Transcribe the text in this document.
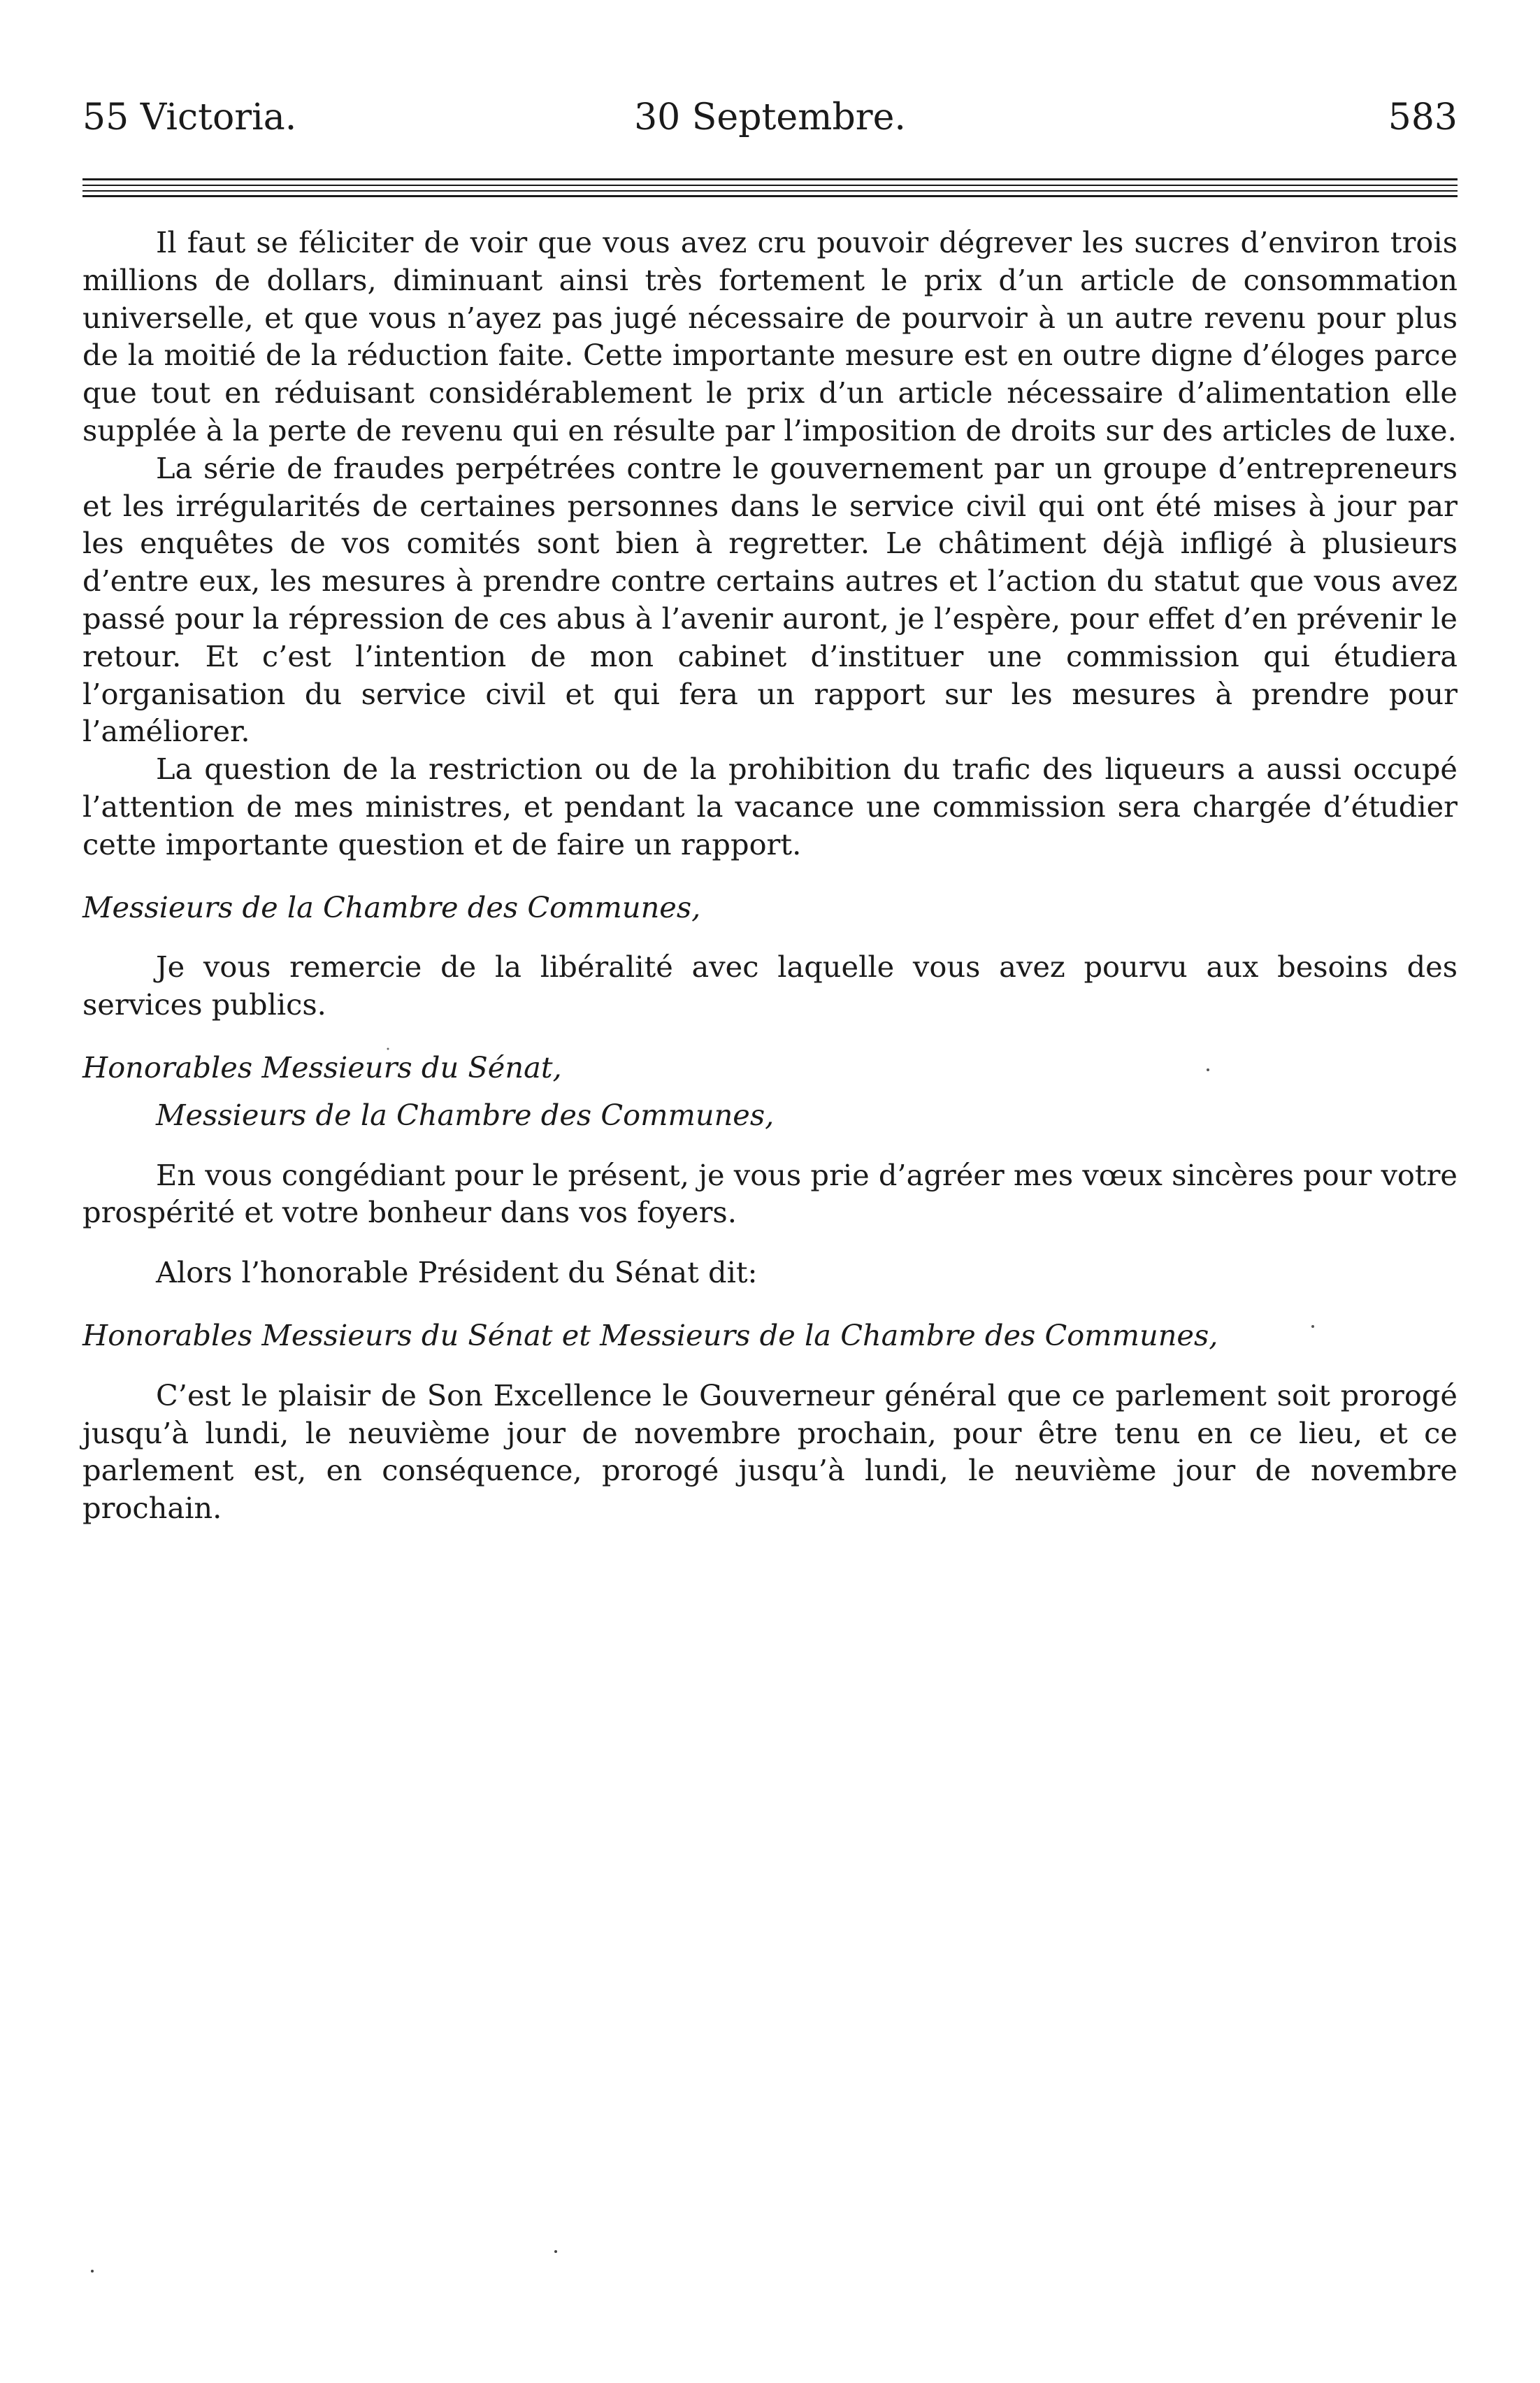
55 Victoria.	30 Septembre.	583

Il faut se féliciter de voir que vous avez cru pouvoir dégrever les sucres d’environ trois millions de dollars, diminuant ainsi très fortement le prix d’un article de consommation universelle, et que vous n’ayez pas jugé nécessaire de pourvoir à un autre revenu pour plus de la moitié de la réduction faite. Cette importante mesure est en outre digne d’éloges parce que tout en réduisant considérablement le prix d’un article nécessaire d’alimentation elle supplée à la perte de revenu qui en résulte par l’imposition de droits sur des articles de luxe.

La série de fraudes perpétrées contre le gouvernement par un groupe d’entrepreneurs et les irrégularités de certaines personnes dans le service civil qui ont été mises à jour par les enquêtes de vos comités sont bien à regretter. Le châtiment déjà infligé à plusieurs d’entre eux, les mesures à prendre contre certains autres et l’action du statut que vous avez passé pour la répression de ces abus à l’avenir auront, je l’espère, pour effet d’en prévenir le retour. Et c’est l’intention de mon cabinet d’instituer une commission qui étudiera l’organisation du service civil et qui fera un rapport sur les mesures à prendre pour l’améliorer.

La question de la restriction ou de la prohibition du trafic des liqueurs a aussi occupé l’attention de mes ministres, et pendant la vacance une commission sera chargée d’étudier cette importante question et de faire un rapport.

Messieurs de la Chambre des Communes,

Je vous remercie de la libéralité avec laquelle vous avez pourvu aux besoins des services publics.

Honorables Messieurs du Sénat,
Messieurs de la Chambre des Communes,

En vous congédiant pour le présent, je vous prie d’agréer mes vœux sincères pour votre prospérité et votre bonheur dans vos foyers.

Alors l’honorable Président du Sénat dit:

Honorables Messieurs du Sénat et Messieurs de la Chambre des Communes,

C’est le plaisir de Son Excellence le Gouverneur général que ce parlement soit prorogé jusqu’à lundi, le neuvième jour de novembre prochain, pour être tenu en ce lieu, et ce parlement est, en conséquence, prorogé jusqu’à lundi, le neuvième jour de novembre prochain.
